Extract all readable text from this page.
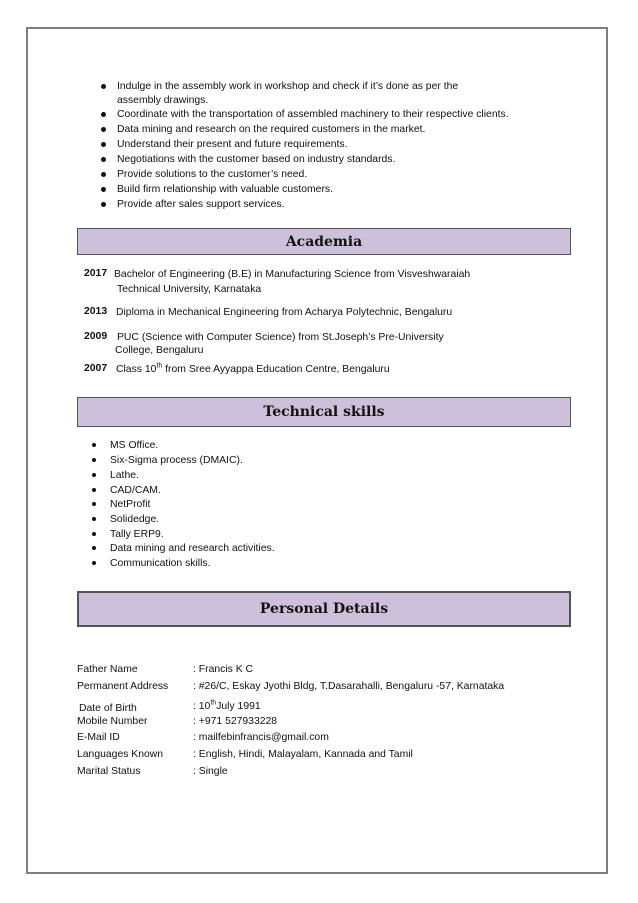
Indulge in the assembly work in workshop and check if it’s done as per the
assembly drawings.
Coordinate with the transportation of assembled machinery to their respective clients.
Data mining and research on the required customers in the market.
Understand their present and future requirements.
Negotiations with the customer based on industry standards.
Provide solutions to the customer’s need.
Build firm relationship with valuable customers.
Provide after sales support services.
Academia
2017 Bachelor of Engineering (B.E) in Manufacturing Science from Visveshwaraiah
Technical University, Karnataka
2013 Diploma in Mechanical Engineering from Acharya Polytechnic, Bengaluru
2009 PUC (Science with Computer Science) from St.Joseph’s Pre-University
College, Bengaluru
2007 Class 10th from Sree Ayyappa Education Centre, Bengaluru
Technical skills
MS Office.
Six-Sigma process (DMAIC).
Lathe.
CAD/CAM.
NetProfit
Solidedge.
Tally ERP9.
Data mining and research activities.
Communication skills.
Personal Details
Father Name	: Francis K C
Permanent Address : #26/C, Eskay Jyothi Bldg, T.Dasarahalli, Bengaluru -57, Karnataka
Date of Birth	: 10thJuly 1991
Mobile Number	: +971 527933228
E-Mail ID	: mailfebinfrancis@gmail.com
Languages Known	: English, Hindi, Malayalam, Kannada and Tamil
Marital Status	: Single
